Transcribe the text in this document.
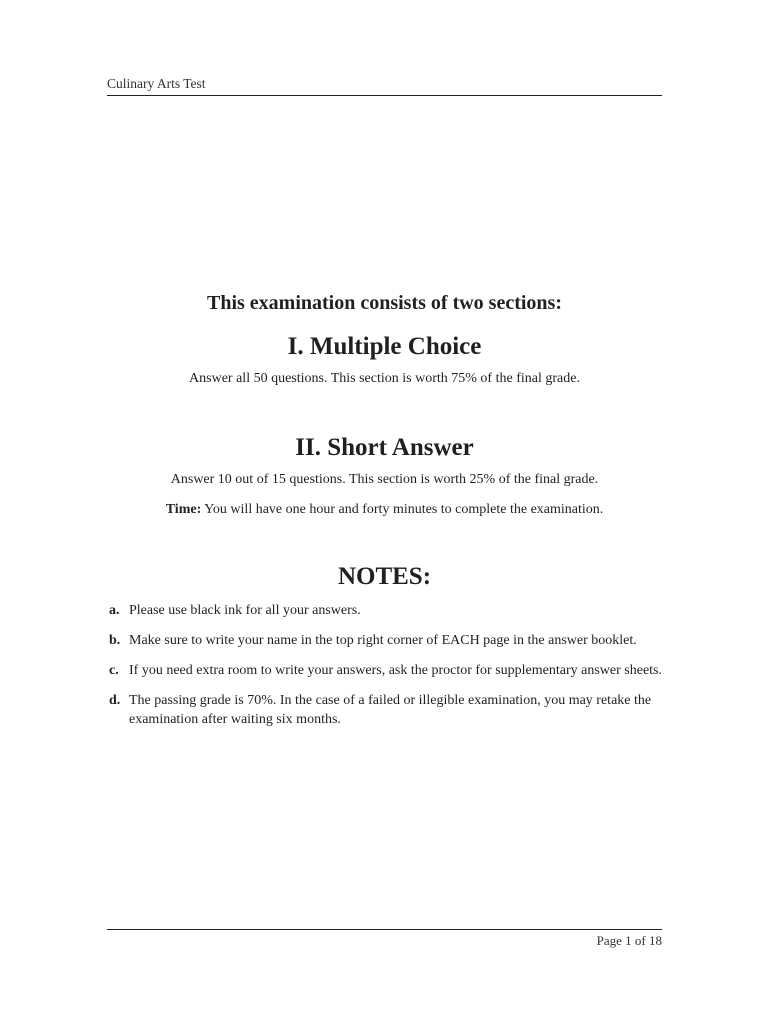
Culinary Arts Test
This examination consists of two sections:
I. Multiple Choice
Answer all 50 questions. This section is worth 75% of the final grade.
II. Short Answer
Answer 10 out of 15 questions. This section is worth 25% of the final grade.
Time: You will have one hour and forty minutes to complete the examination.
NOTES:
a. Please use black ink for all your answers.
b. Make sure to write your name in the top right corner of EACH page in the answer booklet.
c. If you need extra room to write your answers, ask the proctor for supplementary answer sheets.
d. The passing grade is 70%. In the case of a failed or illegible examination, you may retake the examination after waiting six months.
Page 1 of 18
